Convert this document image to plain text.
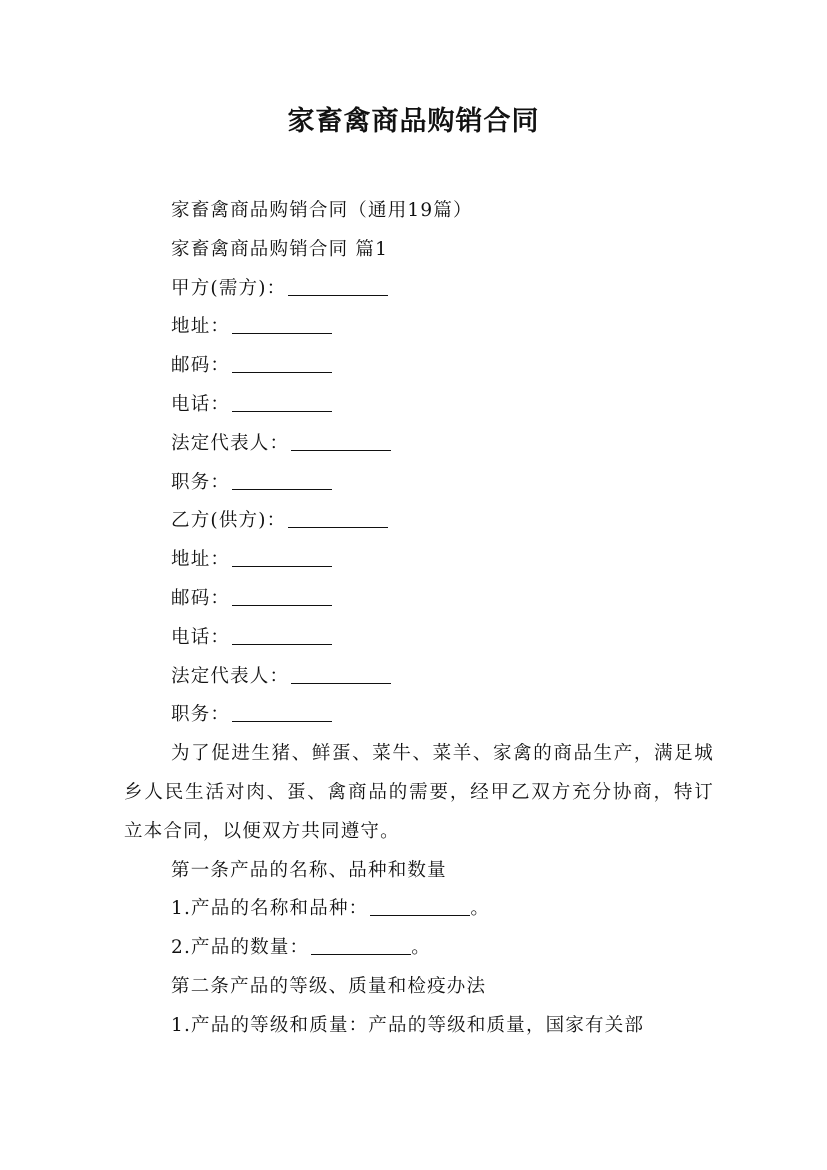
家畜禽商品购销合同
家畜禽商品购销合同（通用19篇）
家畜禽商品购销合同 篇1
甲方(需方)：
地址：
邮码：
电话：
法定代表人：
职务：
乙方(供方)：
地址：
邮码：
电话：
法定代表人：
职务：
为了促进生猪、鲜蛋、菜牛、菜羊、家禽的商品生产，满足城乡人民生活对肉、蛋、禽商品的需要，经甲乙双方充分协商，特订立本合同，以便双方共同遵守。
第一条产品的名称、品种和数量
1.产品的名称和品种：	。
2.产品的数量：	。
第二条产品的等级、质量和检疫办法
1.产品的等级和质量：产品的等级和质量，国家有关部
